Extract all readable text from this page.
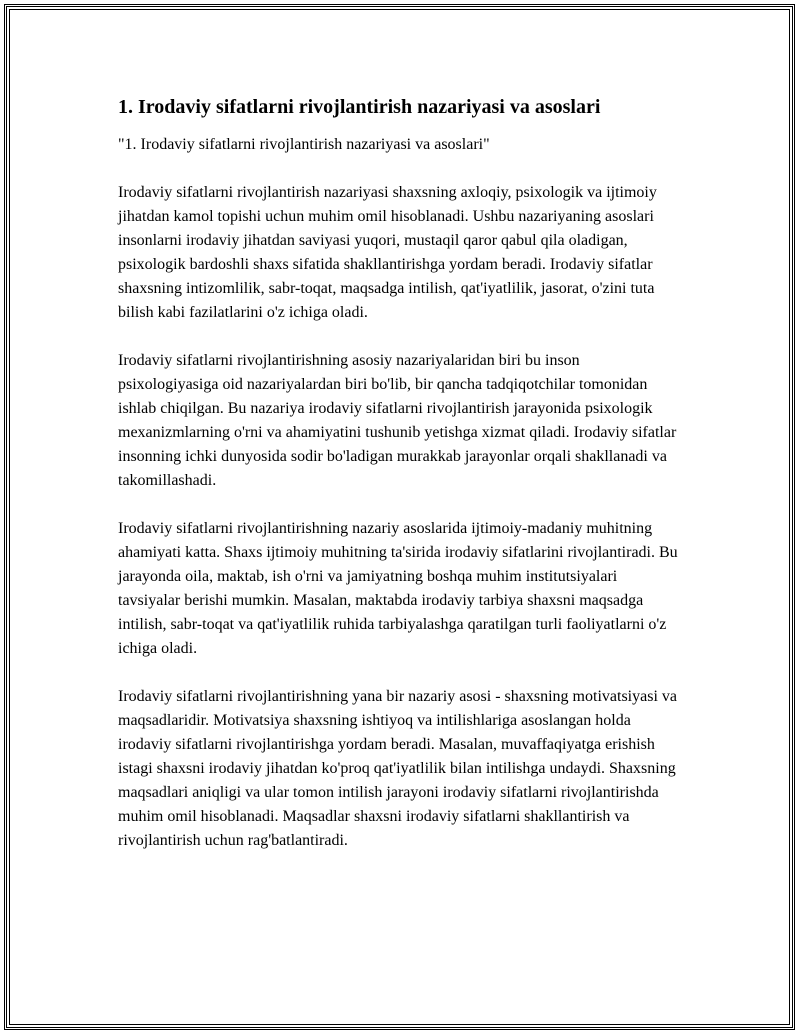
1. Irodaviy sifatlarni rivojlantirish nazariyasi va asoslari

"1. Irodaviy sifatlarni rivojlantirish nazariyasi va asoslari"

Irodaviy sifatlarni rivojlantirish nazariyasi shaxsning axloqiy, psixologik va ijtimoiy jihatdan kamol topishi uchun muhim omil hisoblanadi. Ushbu nazariyaning asoslari insonlarni irodaviy jihatdan saviyasi yuqori, mustaqil qaror qabul qila oladigan, psixologik bardoshli shaxs sifatida shakllantirishga yordam beradi. Irodaviy sifatlar shaxsning intizomlilik, sabr-toqat, maqsadga intilish, qat'iyatlilik, jasorat, o'zini tuta bilish kabi fazilatlarini o'z ichiga oladi.

Irodaviy sifatlarni rivojlantirishning asosiy nazariyalaridan biri bu inson psixologiyasiga oid nazariyalardan biri bo'lib, bir qancha tadqiqotchilar tomonidan ishlab chiqilgan. Bu nazariya irodaviy sifatlarni rivojlantirish jarayonida psixologik mexanizmlarning o'rni va ahamiyatini tushunib yetishga xizmat qiladi. Irodaviy sifatlar insonning ichki dunyosida sodir bo'ladigan murakkab jarayonlar orqali shakllanadi va takomillashadi.

Irodaviy sifatlarni rivojlantirishning nazariy asoslarida ijtimoiy-madaniy muhitning ahamiyati katta. Shaxs ijtimoiy muhitning ta'sirida irodaviy sifatlarini rivojlantiradi. Bu jarayonda oila, maktab, ish o'rni va jamiyatning boshqa muhim institutsiyalari tavsiyalar berishi mumkin. Masalan, maktabda irodaviy tarbiya shaxsni maqsadga intilish, sabr-toqat va qat'iyatlilik ruhida tarbiyalashga qaratilgan turli faoliyatlarni o'z ichiga oladi.

Irodaviy sifatlarni rivojlantirishning yana bir nazariy asosi - shaxsning motivatsiyasi va maqsadlaridir. Motivatsiya shaxsning ishtiyoq va intilishlariga asoslangan holda irodaviy sifatlarni rivojlantirishga yordam beradi. Masalan, muvaffaqiyatga erishish istagi shaxsni irodaviy jihatdan ko'proq qat'iyatlilik bilan intilishga undaydi. Shaxsning maqsadlari aniqligi va ular tomon intilish jarayoni irodaviy sifatlarni rivojlantirishda muhim omil hisoblanadi. Maqsadlar shaxsni irodaviy sifatlarni shakllantirish va rivojlantirish uchun rag'batlantiradi.
